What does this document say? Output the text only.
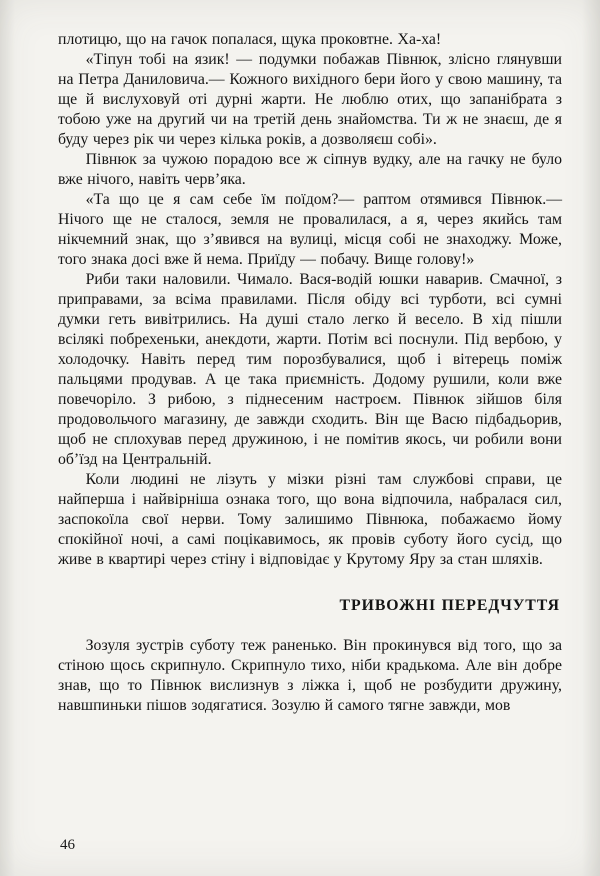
плотицю, що на гачок попалася, щука проковтне. Ха-ха!

«Тіпун тобі на язик! — подумки побажав Півнюк, злісно глянувши на Петра Даниловича.— Кожного вихідного бери його у свою машину, та ще й вислуховуй оті дурні жарти. Не люблю отих, що запанібрата з тобою уже на другий чи на третій день знайомства. Ти ж не знаєш, де я буду через рік чи через кілька років, а дозволяєш собі».

Півнюк за чужою порадою все ж сіпнув вудку, але на гачку не було вже нічого, навіть черв’яка.

«Та що це я сам себе їм поїдом?— раптом отямився Півнюк.— Нічого ще не сталося, земля не провалилася, а я, через якийсь там нікчемний знак, що з’явився на вулиці, місця собі не знаходжу. Може, того знака досі вже й нема. Приїду — побачу. Вище голову!»

Риби таки наловили. Чимало. Вася-водій юшки наварив. Смачної, з приправами, за всіма правилами. Після обіду всі турботи, всі сумні думки геть вивітрились. На душі стало легко й весело. В хід пішли всілякі побрехеньки, анекдоти, жарти. Потім всі поснули. Під вербою, у холодочку. Навіть перед тим порозбувалися, щоб і вітерець поміж пальцями продував. А це така приємність. Додому рушили, коли вже повечоріло. З рибою, з піднесеним настроєм. Півнюк зійшов біля продовольчого магазину, де завжди сходить. Він ще Васю підбадьорив, щоб не сплохував перед дружиною, і не помітив якось, чи робили вони об’їзд на Центральній.

Коли людині не лізуть у мізки різні там службові справи, це найперша і найвірніша ознака того, що вона відпочила, набралася сил, заспокоїла свої нерви. Тому залишимо Півнюка, побажаємо йому спокійної ночі, а самі поцікавимось, як провів суботу його сусід, що живе в квартирі через стіну і відповідає у Крутому Яру за стан шляхів.

ТРИВОЖНІ ПЕРЕДЧУТТЯ

Зозуля зустрів суботу теж раненько. Він прокинувся від того, що за стіною щось скрипнуло. Скрипнуло тихо, ніби крадькома. Але він добре знав, що то Півнюк вислизнув з ліжка і, щоб не розбудити дружину, навшпиньки пішов зодягатися. Зозулю й самого тягне завжди, мов

46
